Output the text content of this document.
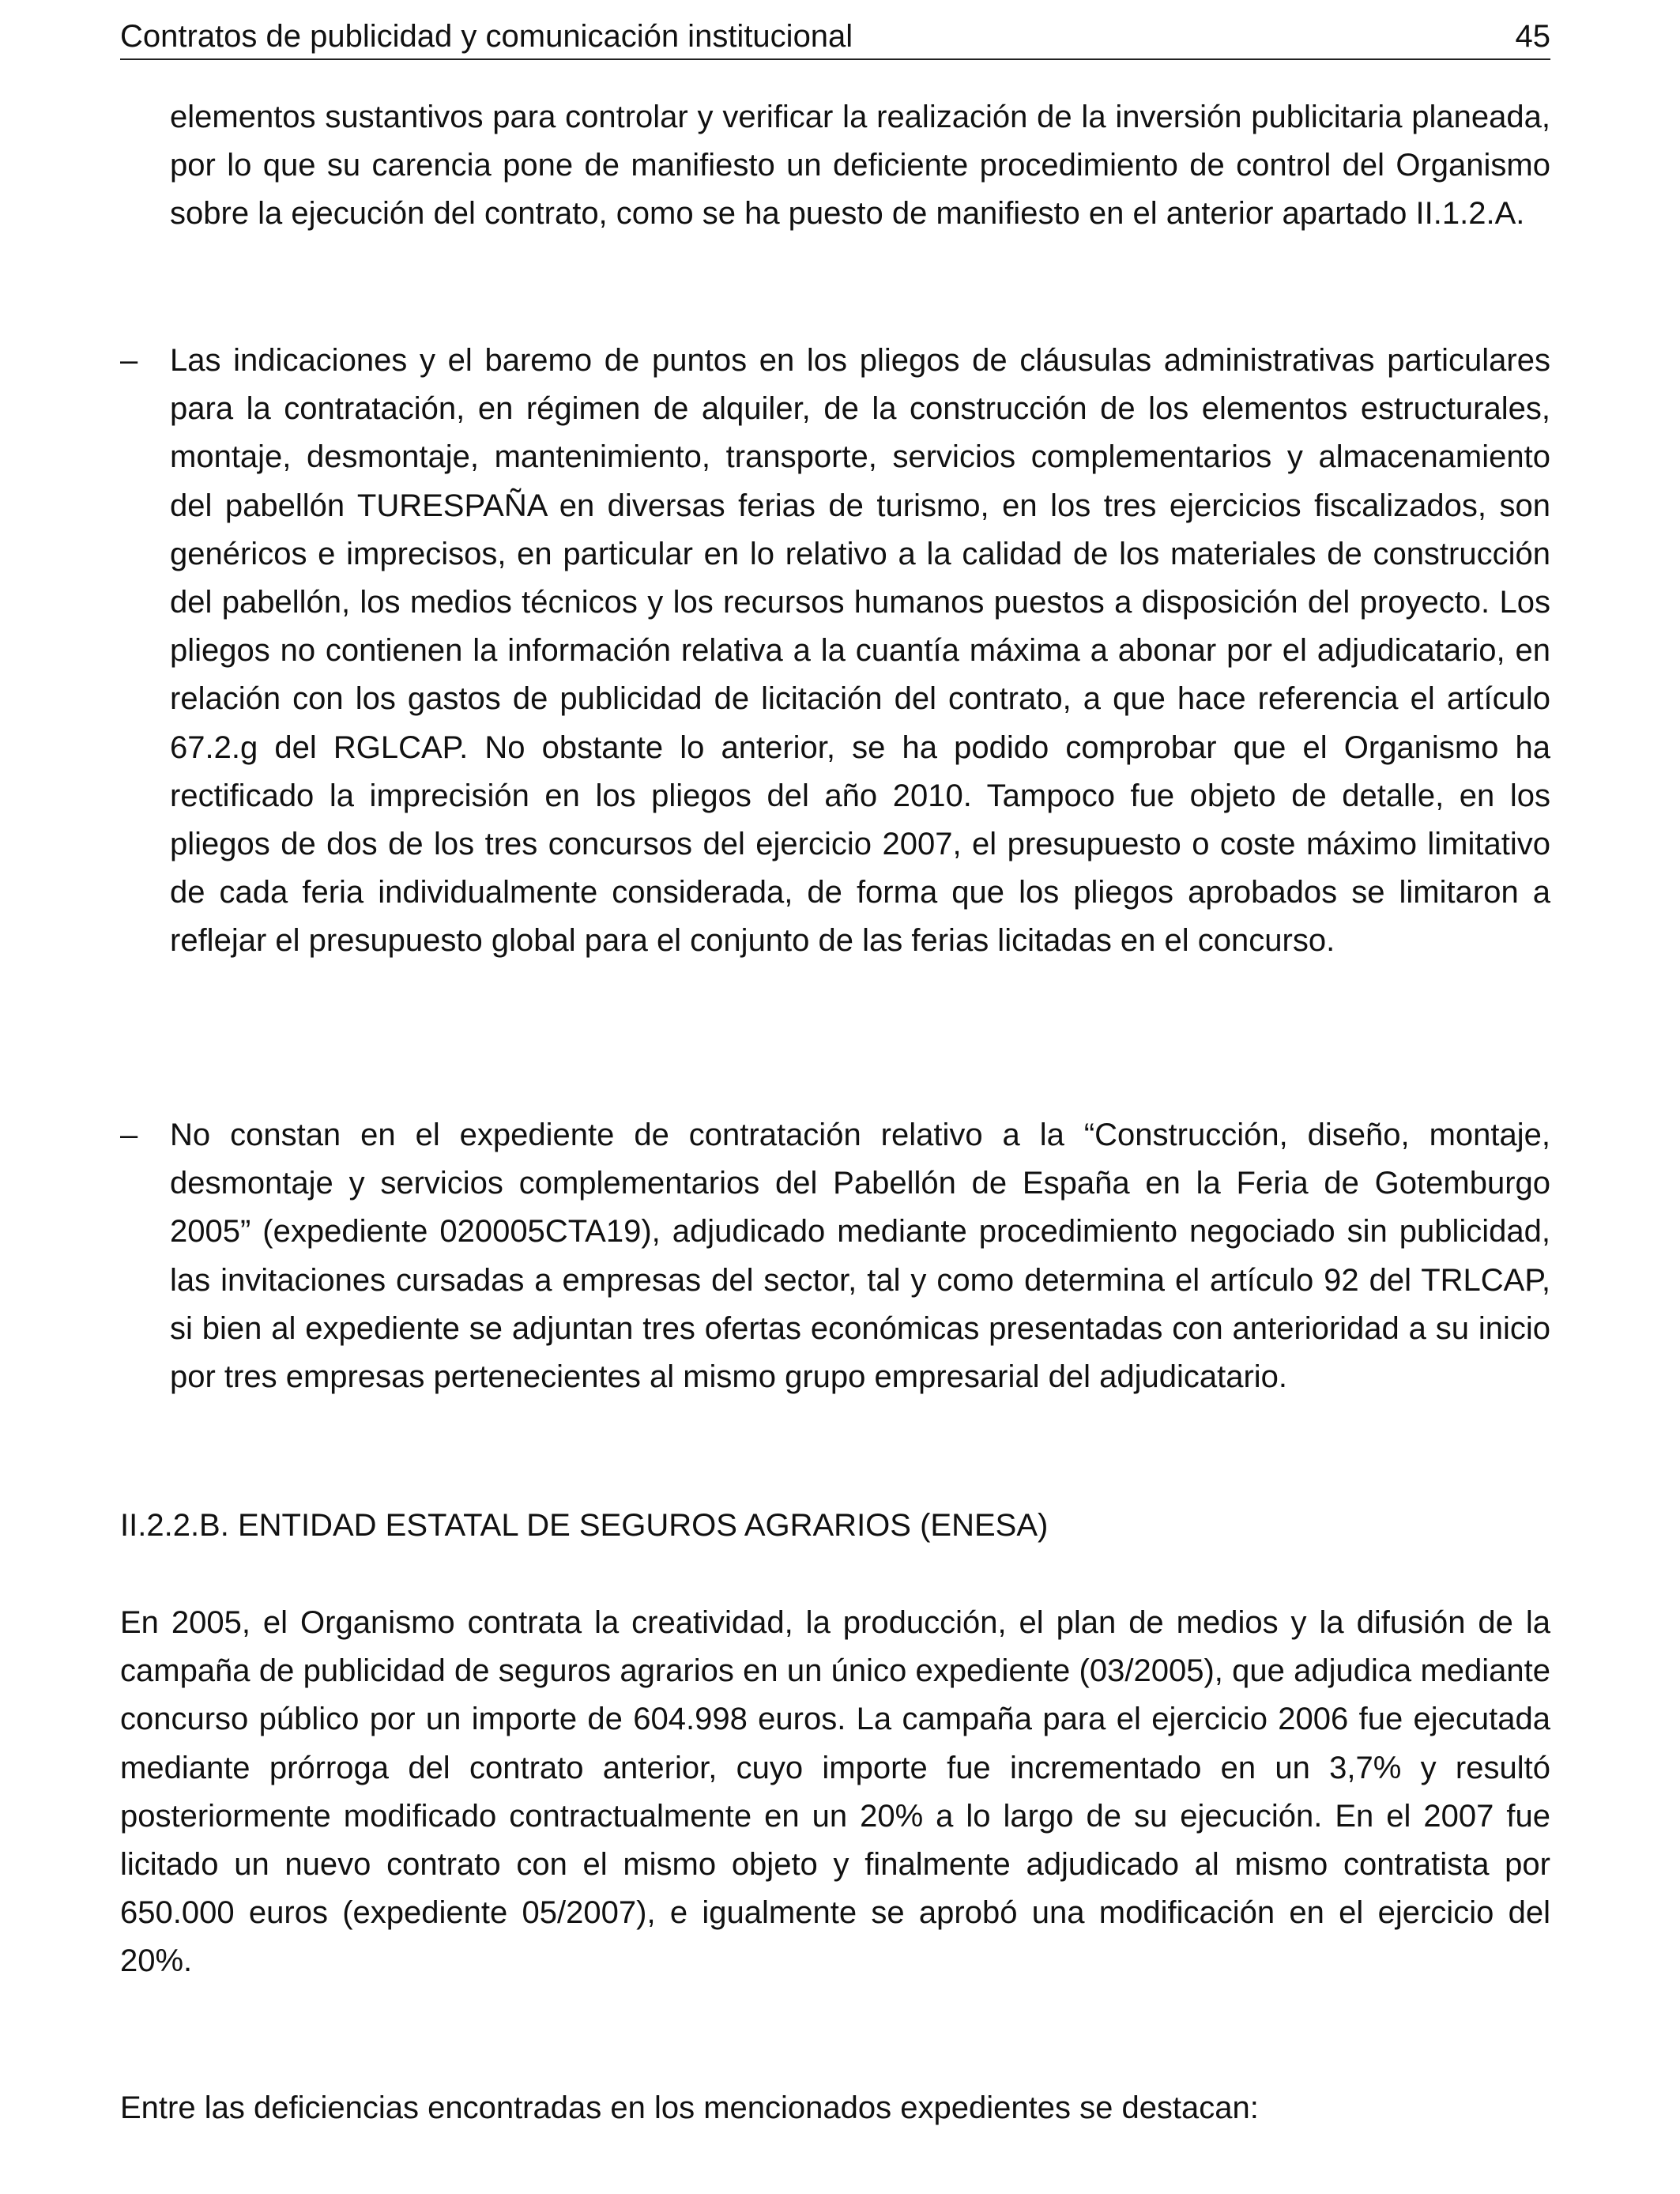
Contratos de publicidad y comunicación institucional	45

elementos sustantivos para controlar y verificar la realización de la inversión publicitaria planeada, por lo que su carencia pone de manifiesto un deficiente procedimiento de control del Organismo sobre la ejecución del contrato, como se ha puesto de manifiesto en el anterior apartado II.1.2.A.

– Las indicaciones y el baremo de puntos en los pliegos de cláusulas administrativas particulares para la contratación, en régimen de alquiler, de la construcción de los elementos estructurales, montaje, desmontaje, mantenimiento, transporte, servicios complementarios y almacenamiento del pabellón TURESPAÑA en diversas ferias de turismo, en los tres ejercicios fiscalizados, son genéricos e imprecisos, en particular en lo relativo a la calidad de los materiales de construcción del pabellón, los medios técnicos y los recursos humanos puestos a disposición del proyecto. Los pliegos no contienen la información relativa a la cuantía máxima a abonar por el adjudicatario, en relación con los gastos de publicidad de licitación del contrato, a que hace referencia el artículo 67.2.g del RGLCAP. No obstante lo anterior, se ha podido comprobar que el Organismo ha rectificado la imprecisión en los pliegos del año 2010. Tampoco fue objeto de detalle, en los pliegos de dos de los tres concursos del ejercicio 2007, el presupuesto o coste máximo limitativo de cada feria individualmente considerada, de forma que los pliegos aprobados se limitaron a reflejar el presupuesto global para el conjunto de las ferias licitadas en el concurso.

– No constan en el expediente de contratación relativo a la “Construcción, diseño, montaje, desmontaje y servicios complementarios del Pabellón de España en la Feria de Gotemburgo 2005” (expediente 020005CTA19), adjudicado mediante procedimiento negociado sin publicidad, las invitaciones cursadas a empresas del sector, tal y como determina el artículo 92 del TRLCAP, si bien al expediente se adjuntan tres ofertas económicas presentadas con anterioridad a su inicio por tres empresas pertenecientes al mismo grupo empresarial del adjudicatario.

II.2.2.B. ENTIDAD ESTATAL DE SEGUROS AGRARIOS (ENESA)

En 2005, el Organismo contrata la creatividad, la producción, el plan de medios y la difusión de la campaña de publicidad de seguros agrarios en un único expediente (03/2005), que adjudica mediante concurso público por un importe de 604.998 euros. La campaña para el ejercicio 2006 fue ejecutada mediante prórroga del contrato anterior, cuyo importe fue incrementado en un 3,7% y resultó posteriormente modificado contractualmente en un 20% a lo largo de su ejecución. En el 2007 fue licitado un nuevo contrato con el mismo objeto y finalmente adjudicado al mismo contratista por 650.000 euros (expediente 05/2007), e igualmente se aprobó una modificación en el ejercicio del 20%.

Entre las deficiencias encontradas en los mencionados expedientes se destacan:
